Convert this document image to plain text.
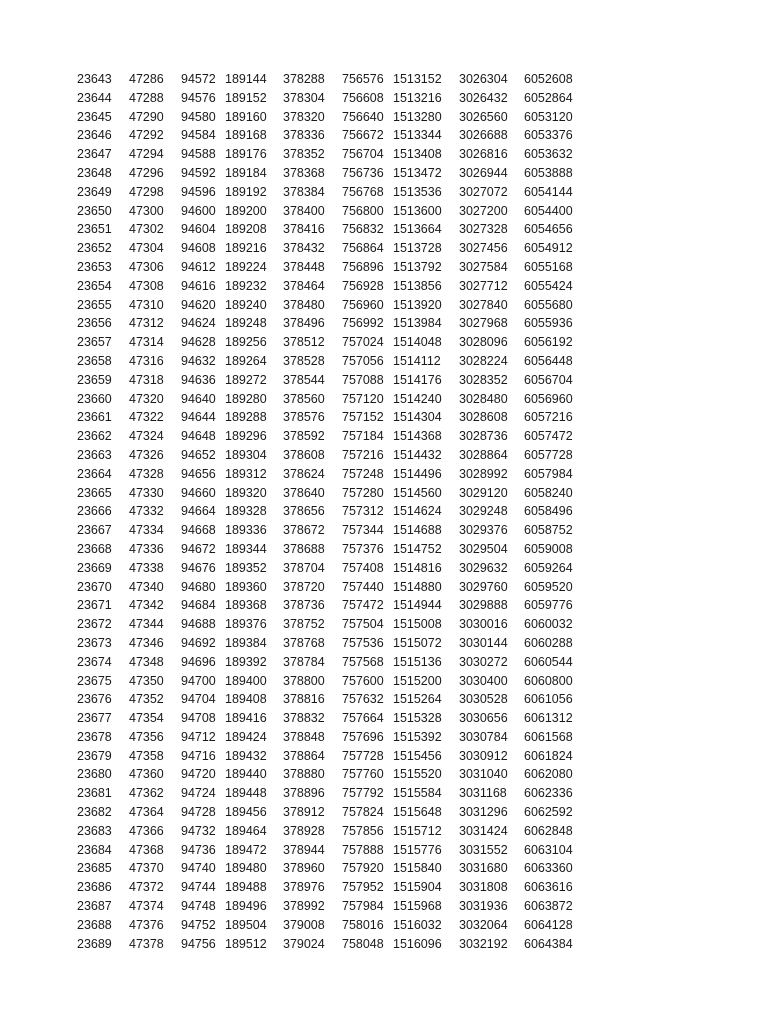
23643 47286 94572 189144 378288 756576 1513152 3026304 6052608
23644 47288 94576 189152 378304 756608 1513216 3026432 6052864
23645 47290 94580 189160 378320 756640 1513280 3026560 6053120
23646 47292 94584 189168 378336 756672 1513344 3026688 6053376
23647 47294 94588 189176 378352 756704 1513408 3026816 6053632
23648 47296 94592 189184 378368 756736 1513472 3026944 6053888
23649 47298 94596 189192 378384 756768 1513536 3027072 6054144
23650 47300 94600 189200 378400 756800 1513600 3027200 6054400
23651 47302 94604 189208 378416 756832 1513664 3027328 6054656
23652 47304 94608 189216 378432 756864 1513728 3027456 6054912
23653 47306 94612 189224 378448 756896 1513792 3027584 6055168
23654 47308 94616 189232 378464 756928 1513856 3027712 6055424
23655 47310 94620 189240 378480 756960 1513920 3027840 6055680
23656 47312 94624 189248 378496 756992 1513984 3027968 6055936
23657 47314 94628 189256 378512 757024 1514048 3028096 6056192
23658 47316 94632 189264 378528 757056 1514112 3028224 6056448
23659 47318 94636 189272 378544 757088 1514176 3028352 6056704
23660 47320 94640 189280 378560 757120 1514240 3028480 6056960
23661 47322 94644 189288 378576 757152 1514304 3028608 6057216
23662 47324 94648 189296 378592 757184 1514368 3028736 6057472
23663 47326 94652 189304 378608 757216 1514432 3028864 6057728
23664 47328 94656 189312 378624 757248 1514496 3028992 6057984
23665 47330 94660 189320 378640 757280 1514560 3029120 6058240
23666 47332 94664 189328 378656 757312 1514624 3029248 6058496
23667 47334 94668 189336 378672 757344 1514688 3029376 6058752
23668 47336 94672 189344 378688 757376 1514752 3029504 6059008
23669 47338 94676 189352 378704 757408 1514816 3029632 6059264
23670 47340 94680 189360 378720 757440 1514880 3029760 6059520
23671 47342 94684 189368 378736 757472 1514944 3029888 6059776
23672 47344 94688 189376 378752 757504 1515008 3030016 6060032
23673 47346 94692 189384 378768 757536 1515072 3030144 6060288
23674 47348 94696 189392 378784 757568 1515136 3030272 6060544
23675 47350 94700 189400 378800 757600 1515200 3030400 6060800
23676 47352 94704 189408 378816 757632 1515264 3030528 6061056
23677 47354 94708 189416 378832 757664 1515328 3030656 6061312
23678 47356 94712 189424 378848 757696 1515392 3030784 6061568
23679 47358 94716 189432 378864 757728 1515456 3030912 6061824
23680 47360 94720 189440 378880 757760 1515520 3031040 6062080
23681 47362 94724 189448 378896 757792 1515584 3031168 6062336
23682 47364 94728 189456 378912 757824 1515648 3031296 6062592
23683 47366 94732 189464 378928 757856 1515712 3031424 6062848
23684 47368 94736 189472 378944 757888 1515776 3031552 6063104
23685 47370 94740 189480 378960 757920 1515840 3031680 6063360
23686 47372 94744 189488 378976 757952 1515904 3031808 6063616
23687 47374 94748 189496 378992 757984 1515968 3031936 6063872
23688 47376 94752 189504 379008 758016 1516032 3032064 6064128
23689 47378 94756 189512 379024 758048 1516096 3032192 6064384
